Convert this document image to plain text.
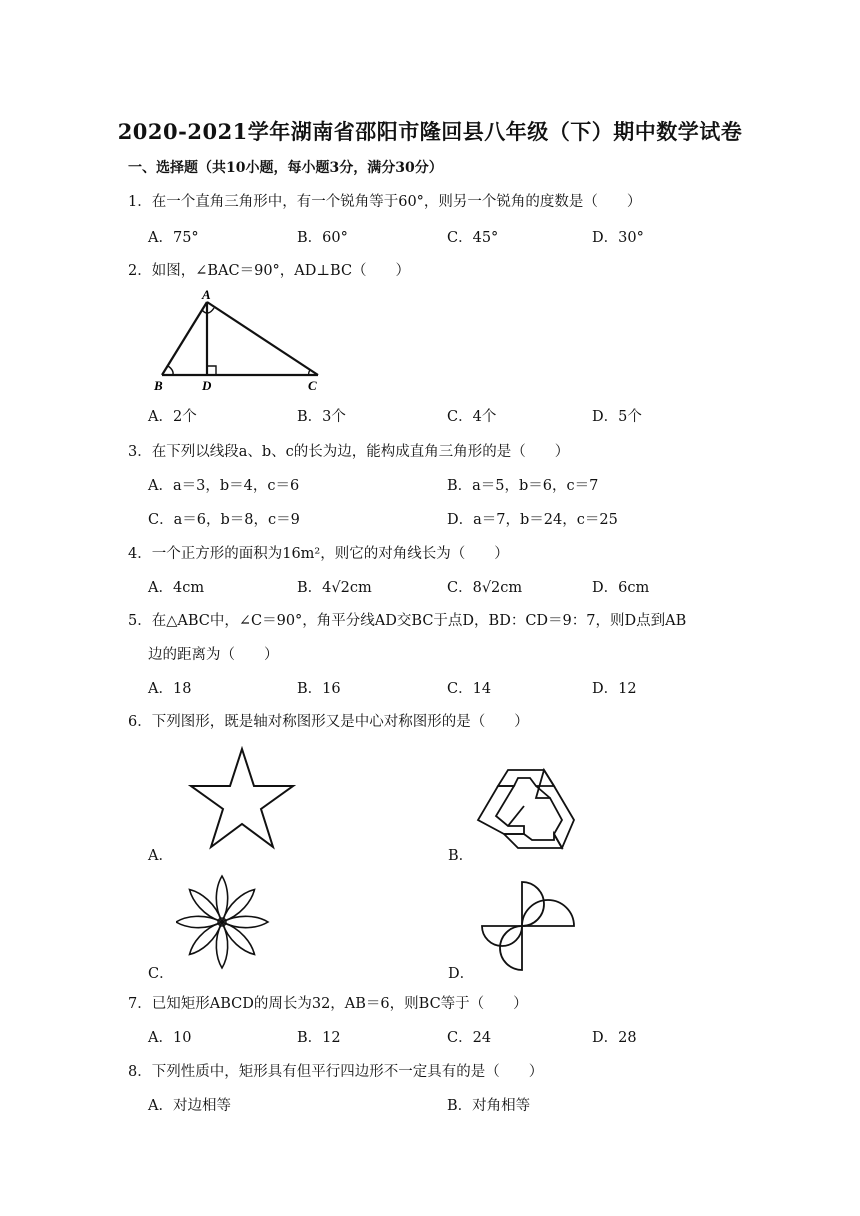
2020-2021学年湖南省邵阳市隆回县八年级（下）期中数学试卷
一、选择题（共10小题，每小题3分，满分30分）
1．在一个直角三角形中，有一个锐角等于60°，则另一个锐角的度数是（　　）
A．75°	B．60°	C．45°	D．30°
2．如图，∠BAC＝90°，AD⊥BC（　　）
A
B	D	C
A．2个	B．3个	C．4个	D．5个
3．在下列以线段a、b、c的长为边，能构成直角三角形的是（　　）
A．a＝3，b＝4，c＝6	B．a＝5，b＝6，c＝7
C．a＝6，b＝8，c＝9	D．a＝7，b＝24，c＝25
4．一个正方形的面积为16m²，则它的对角线长为（　　）
A．4cm	B．4√2cm	C．8√2cm	D．6cm
5．在△ABC中，∠C＝90°，角平分线AD交BC于点D，BD：CD＝9：7，则D点到AB
边的距离为（　　）
A．18	B．16	C．14	D．12
6．下列图形，既是轴对称图形又是中心对称图形的是（　　）
A．	B．
C．	D．
7．已知矩形ABCD的周长为32，AB＝6，则BC等于（　　）
A．10	B．12	C．24	D．28
8．下列性质中，矩形具有但平行四边形不一定具有的是（　　）
A．对边相等	B．对角相等
